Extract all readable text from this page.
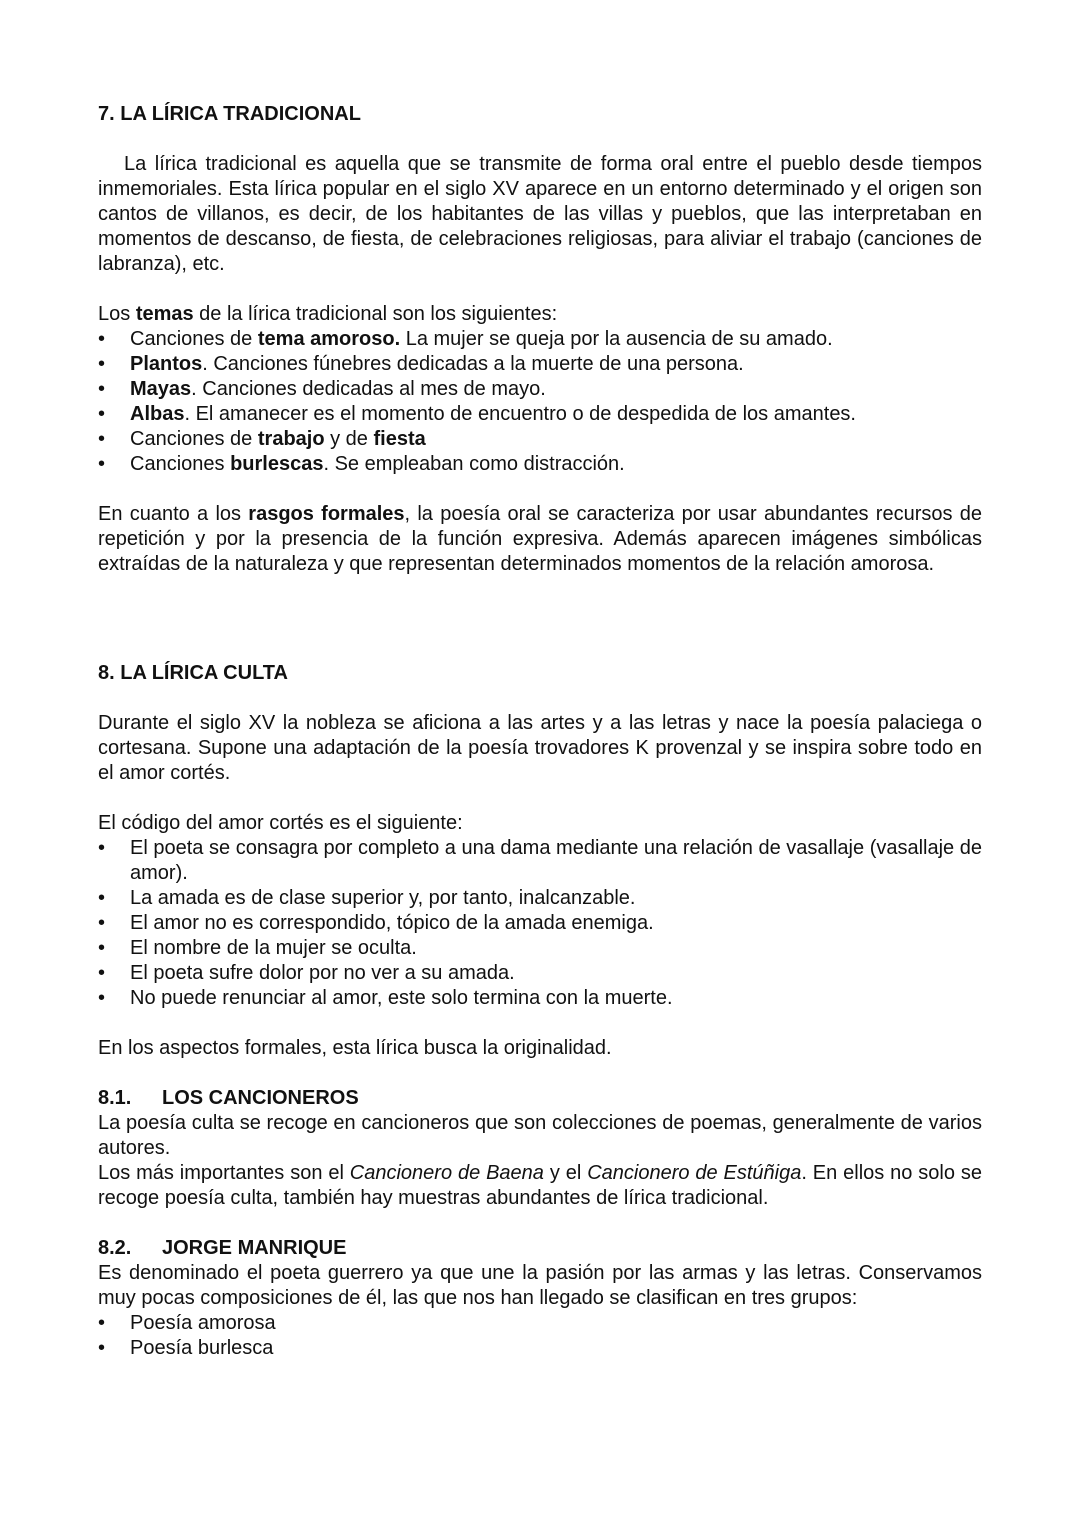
7. LA LÍRICA TRADICIONAL

La lírica tradicional es aquella que se transmite de forma oral entre el pueblo desde tiempos inmemoriales. Esta lírica popular en el siglo XV aparece en un entorno determinado y el origen son cantos de villanos, es decir, de los habitantes de las villas y pueblos, que las interpretaban en momentos de descanso, de fiesta, de celebraciones religiosas, para aliviar el trabajo (canciones de labranza), etc.

Los temas de la lírica tradicional son los siguientes:

• Canciones de tema amoroso. La mujer se queja por la ausencia de su amado.
• Plantos. Canciones fúnebres dedicadas a la muerte de una persona.
• Mayas. Canciones dedicadas al mes de mayo.
• Albas. El amanecer es el momento de encuentro o de despedida de los amantes.
• Canciones de trabajo y de fiesta
• Canciones burlescas. Se empleaban como distracción.

En cuanto a los rasgos formales, la poesía oral se caracteriza por usar abundantes recursos de repetición y por la presencia de la función expresiva. Además aparecen imágenes simbólicas extraídas de la naturaleza y que representan determinados momentos de la relación amorosa.

8. LA LÍRICA CULTA

Durante el siglo XV la nobleza se aficiona a las artes y a las letras y nace la poesía palaciega o cortesana. Supone una adaptación de la poesía trovadores K provenzal y se inspira sobre todo en el amor cortés.

El código del amor cortés es el siguiente:

• El poeta se consagra por completo a una dama mediante una relación de vasallaje (vasallaje de amor).
• La amada es de clase superior y, por tanto, inalcanzable.
• El amor no es correspondido, tópico de la amada enemiga.
• El nombre de la mujer se oculta.
• El poeta sufre dolor por no ver a su amada.
• No puede renunciar al amor, este solo termina con la muerte.

En los aspectos formales, esta lírica busca la originalidad.

8.1. LOS CANCIONEROS

La poesía culta se recoge en cancioneros que son colecciones de poemas, generalmente de varios autores.

Los más importantes son el Cancionero de Baena y el Cancionero de Estúñiga. En ellos no solo se recoge poesía culta, también hay muestras abundantes de lírica tradicional.

8.2. JORGE MANRIQUE

Es denominado el poeta guerrero ya que une la pasión por las armas y las letras. Conservamos muy pocas composiciones de él, las que nos han llegado se clasifican en tres grupos:

• Poesía amorosa
• Poesía burlesca
